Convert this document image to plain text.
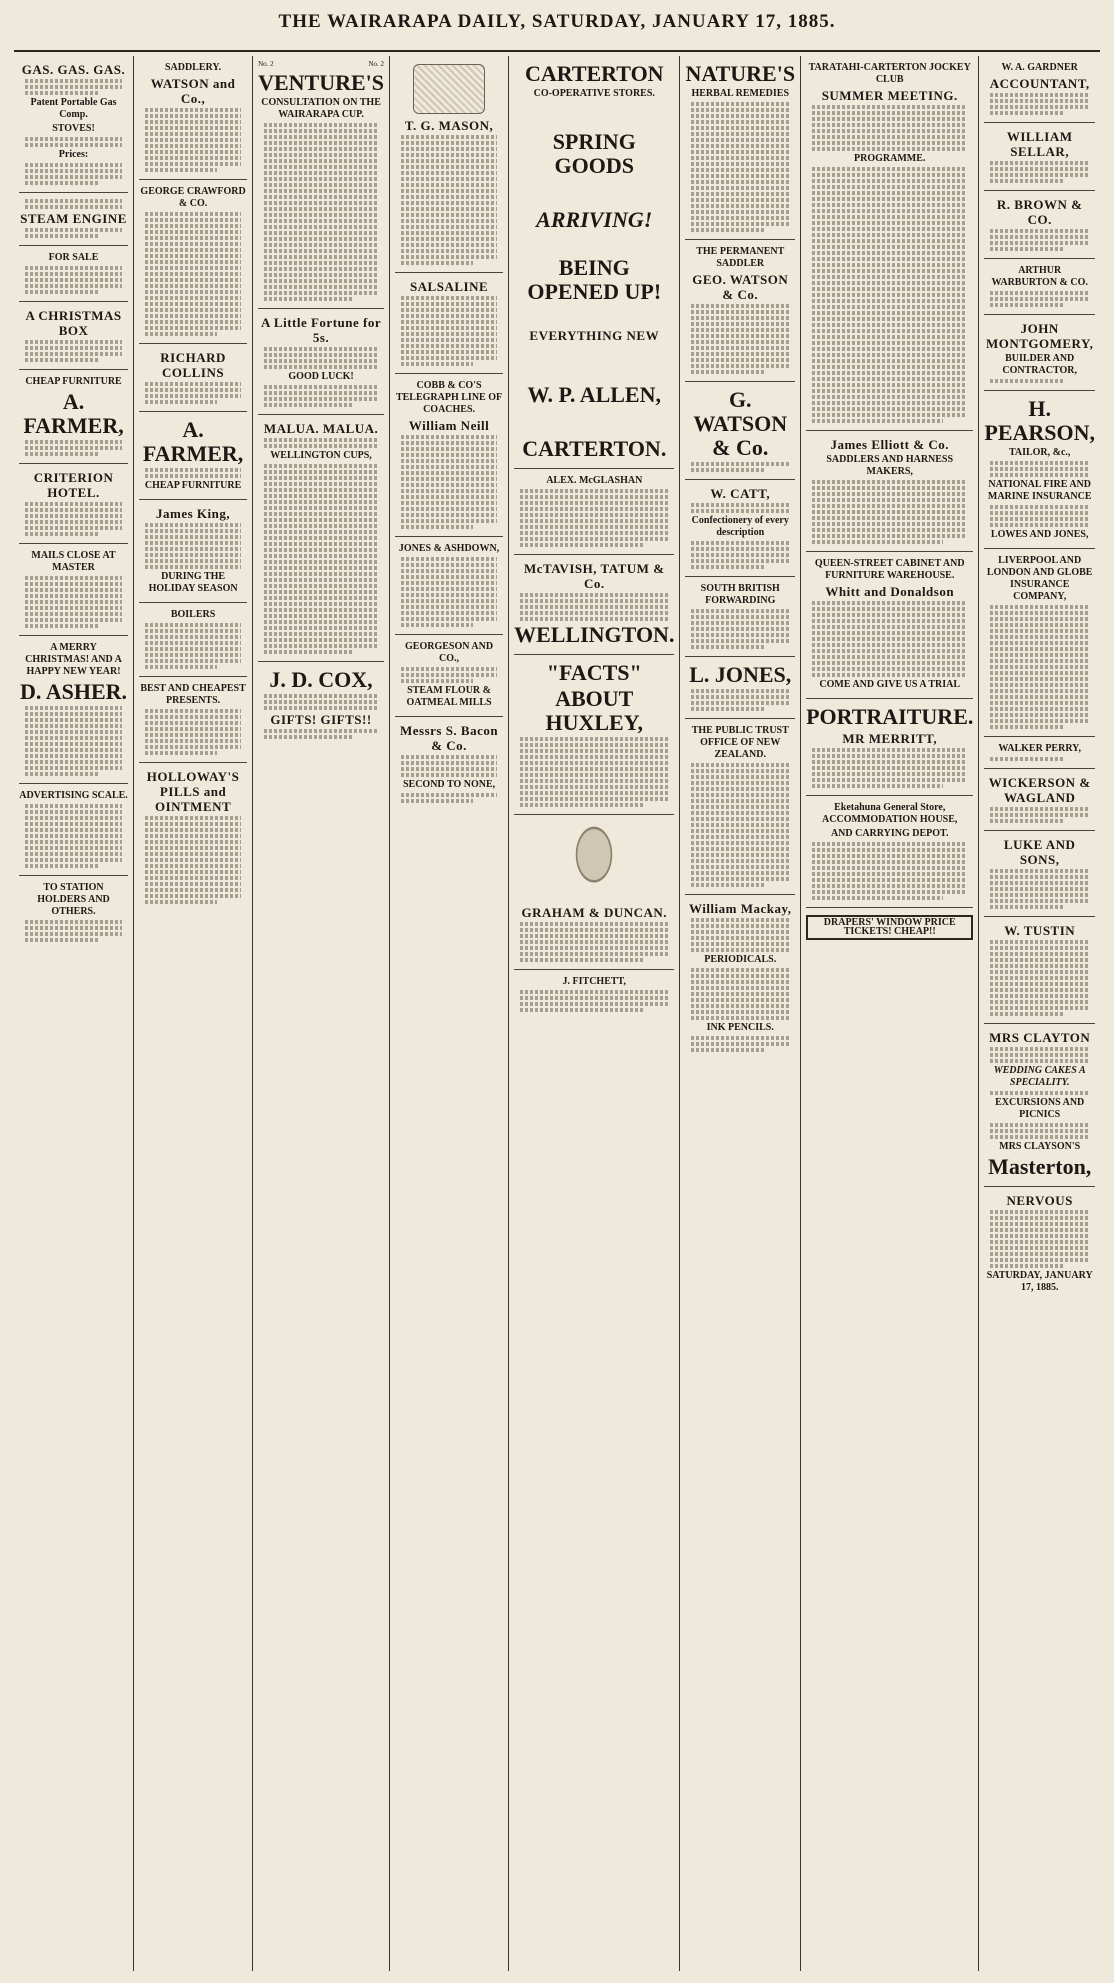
THE WAIRARAPA DAILY, SATURDAY, JANUARY 17, 1885.
GAS. GAS. GAS.
Patent Portable Gas Comp.
STOVES!
Prices:
STEAM ENGINE
FOR SALE
A CHRISTMAS BOX
CHEAP FURNITURE
A. FARMER,
CRITERION HOTEL.
MAILS CLOSE AT MASTER
A MERRY CHRISTMAS! AND A HAPPY NEW YEAR!
D. ASHER.
ADVERTISING SCALE.
TO STATION HOLDERS AND OTHERS.
SADDLERY.
WATSON and Co.,
GEORGE CRAWFORD & CO.
RICHARD COLLINS
A. FARMER,
CHEAP FURNITURE
James King,
DURING THE HOLIDAY SEASON
BOILERS
BEST AND CHEAPEST PRESENTS.
HOLLOWAY'S PILLS and OINTMENT
No. 2	No. 2
VENTURE'S
CONSULTATION ON THE WAIRARAPA CUP.
A Little Fortune for 5s.
GOOD LUCK!
MALUA. MALUA.
WELLINGTON CUPS,
J. D. COX,
GIFTS! GIFTS!!
T. G. MASON,
SALSALINE
COBB & CO'S TELEGRAPH LINE OF COACHES.
William Neill
JONES & ASHDOWN,
GEORGESON AND CO.,
STEAM FLOUR & OATMEAL MILLS
Messrs S. Bacon & Co.
SECOND TO NONE,
CARTERTON
CO-OPERATIVE STORES.
SPRING GOODS
ARRIVING!
BEING OPENED UP!
EVERYTHING NEW
W. P. ALLEN,
CARTERTON.
ALEX. McGLASHAN
McTAVISH, TATUM & Co.
WELLINGTON.
"FACTS"
ABOUT HUXLEY,
GRAHAM & DUNCAN.
J. FITCHETT,
NATURE'S
HERBAL REMEDIES
THE PERMANENT SADDLER
GEO. WATSON & Co.
G. WATSON & Co.
W. CATT,
Confectionery of every description
SOUTH BRITISH FORWARDING
L. JONES,
THE PUBLIC TRUST OFFICE OF NEW ZEALAND.
William Mackay,
PERIODICALS.
INK PENCILS.
TARATAHI-CARTERTON JOCKEY CLUB
SUMMER MEETING.
PROGRAMME.
James Elliott & Co.
SADDLERS AND HARNESS MAKERS,
QUEEN-STREET CABINET AND FURNITURE WAREHOUSE.
Whitt and Donaldson
COME AND GIVE US A TRIAL
PORTRAITURE.
MR MERRITT,
Eketahuna General Store, ACCOMMODATION HOUSE,
AND CARRYING DEPOT.
DRAPERS' WINDOW PRICE TICKETS! CHEAP!!
W. A. GARDNER
ACCOUNTANT,
WILLIAM SELLAR,
R. BROWN & CO.
ARTHUR WARBURTON & CO.
JOHN MONTGOMERY,
BUILDER AND CONTRACTOR,
H. PEARSON,
TAILOR, &c.,
NATIONAL FIRE AND MARINE INSURANCE
LOWES AND JONES,
LIVERPOOL AND LONDON AND GLOBE INSURANCE COMPANY,
WALKER PERRY,
WICKERSON & WAGLAND
LUKE AND SONS,
W. TUSTIN
MRS CLAYTON
WEDDING CAKES A SPECIALITY.
EXCURSIONS AND PICNICS
MRS CLAYSON'S
Masterton,
NERVOUS
SATURDAY, JANUARY 17, 1885.
